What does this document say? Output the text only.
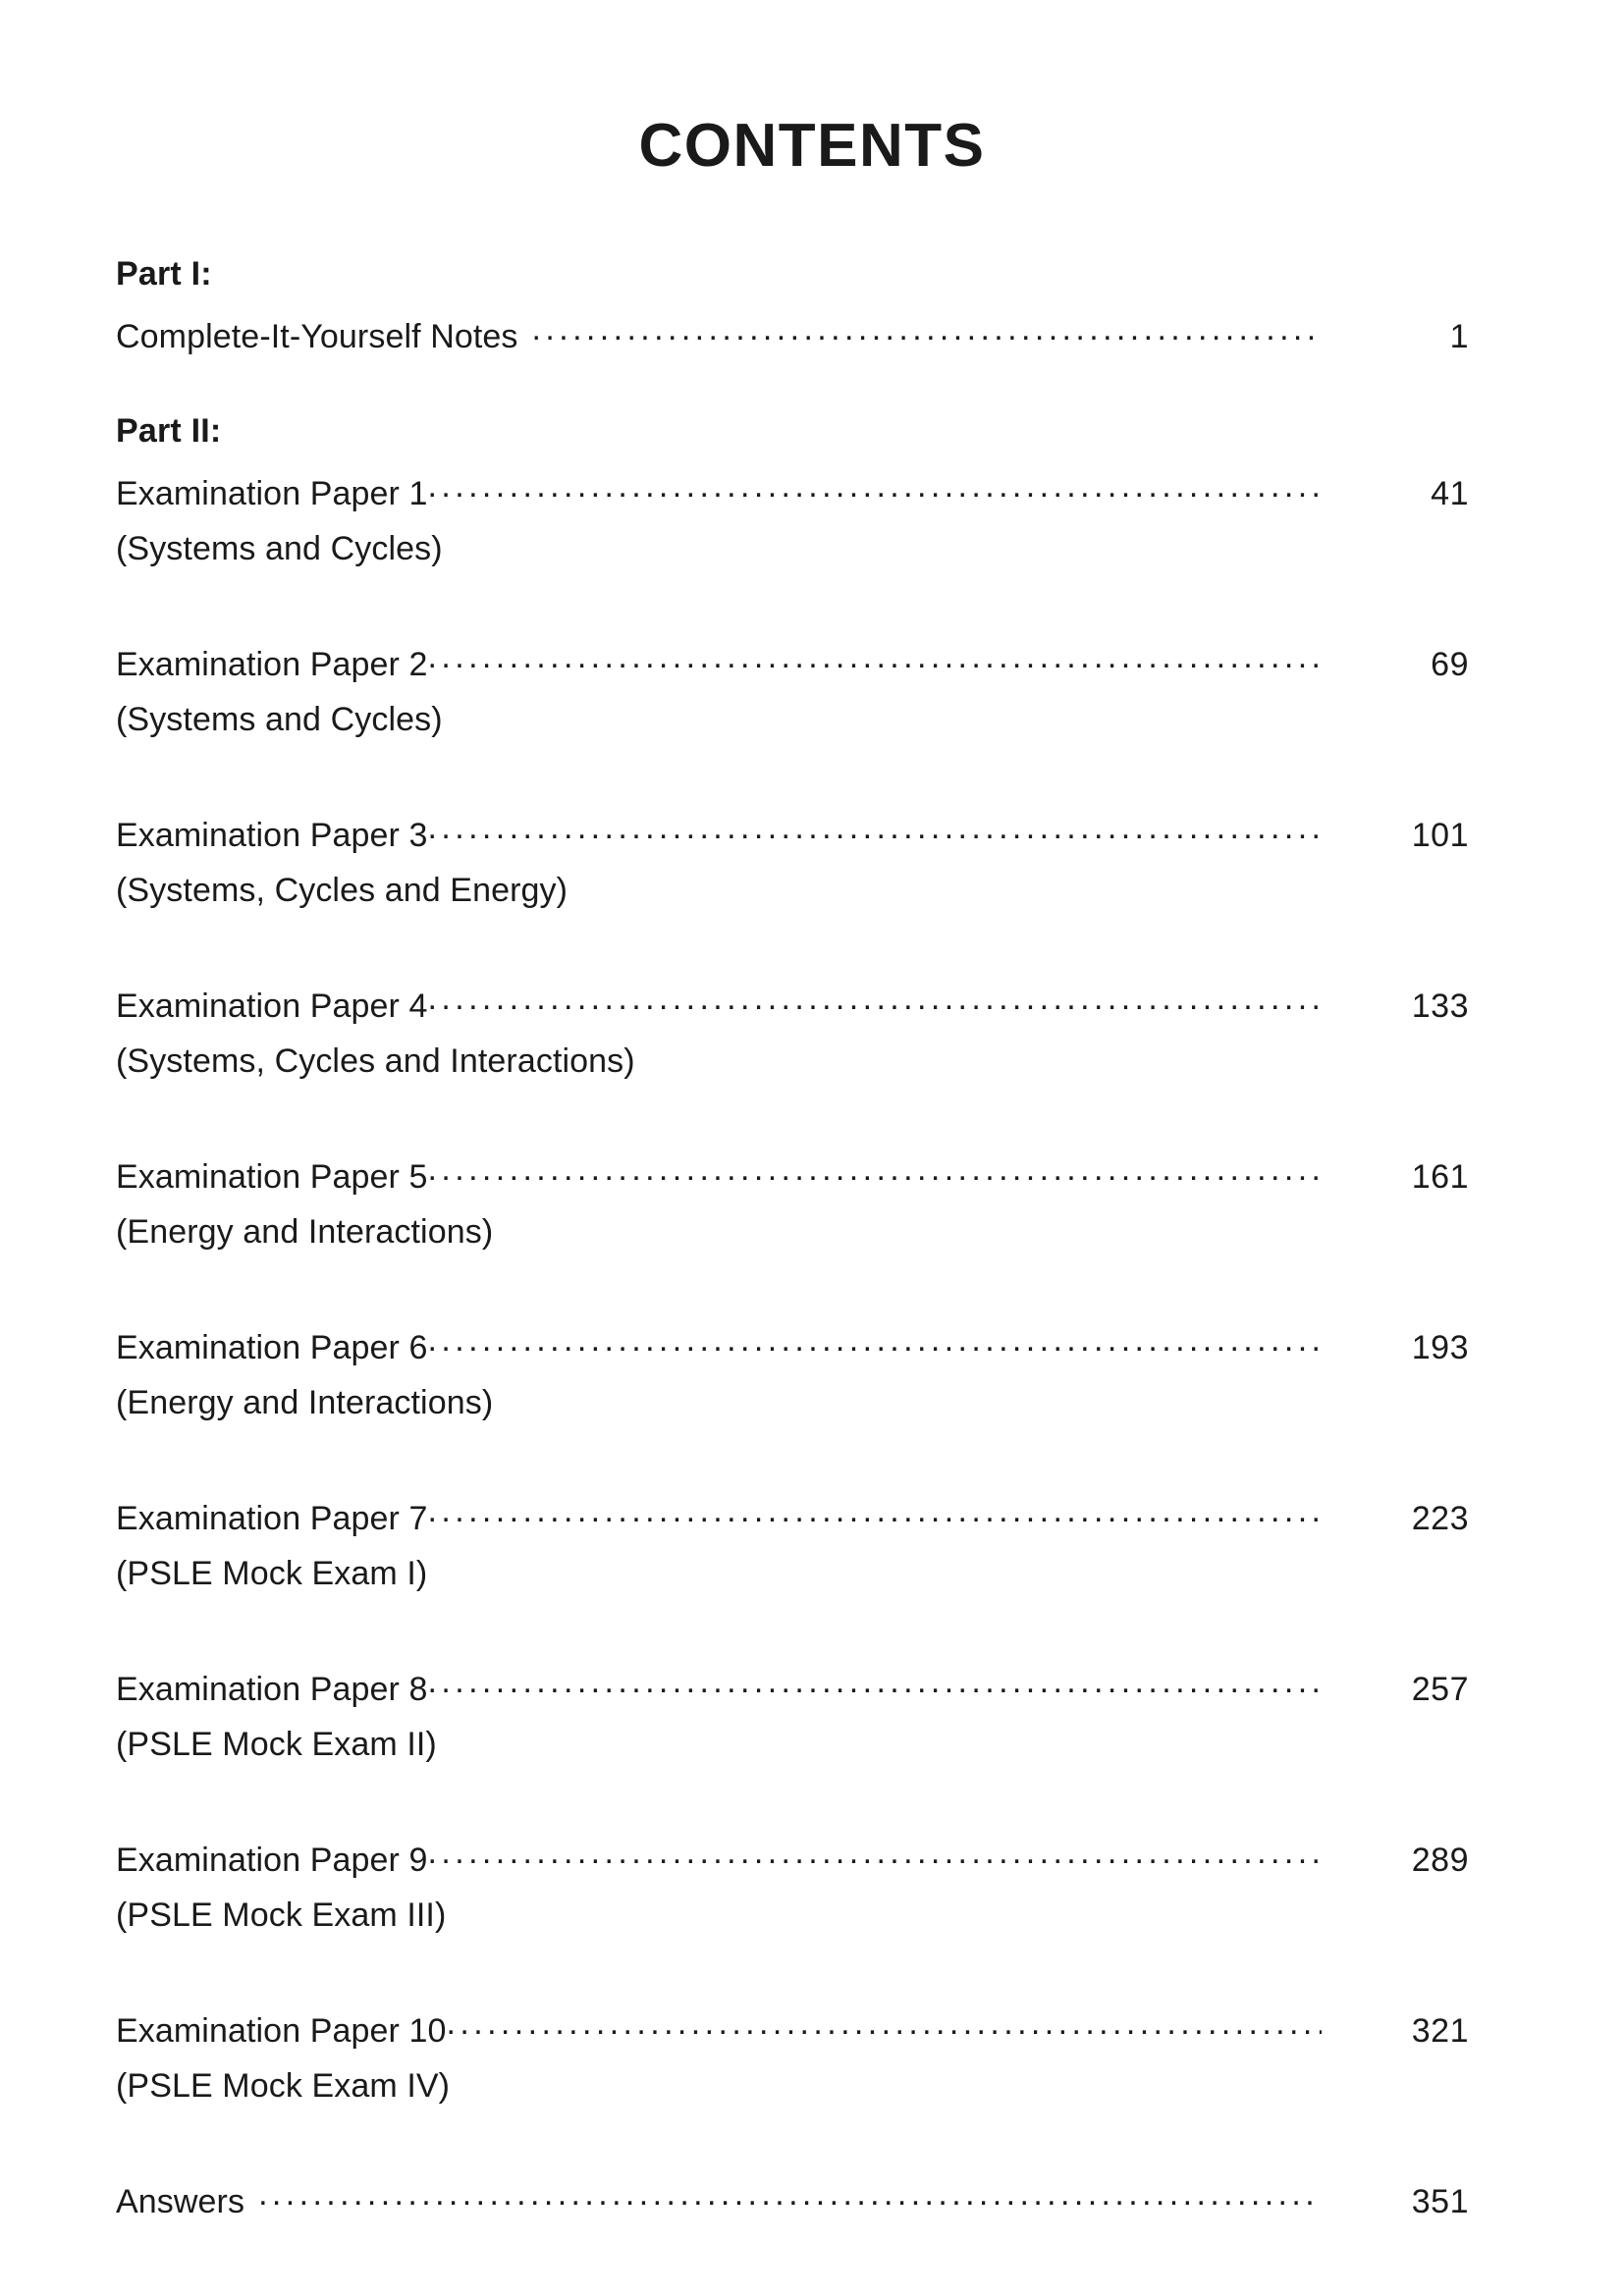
CONTENTS
Part I:
Complete-It-Yourself Notes .....	1
Part II:
Examination Paper 1 .....	41
(Systems and Cycles)
Examination Paper 2 .....	69
(Systems and Cycles)
Examination Paper 3 .....	101
(Systems, Cycles and Energy)
Examination Paper 4 .....	133
(Systems, Cycles and Interactions)
Examination Paper 5 .....	161
(Energy and Interactions)
Examination Paper 6 .....	193
(Energy and Interactions)
Examination Paper 7 .....	223
(PSLE Mock Exam I)
Examination Paper 8 .....	257
(PSLE Mock Exam II)
Examination Paper 9 .....	289
(PSLE Mock Exam III)
Examination Paper 10 .....	321
(PSLE Mock Exam IV)
Answers .....	351
